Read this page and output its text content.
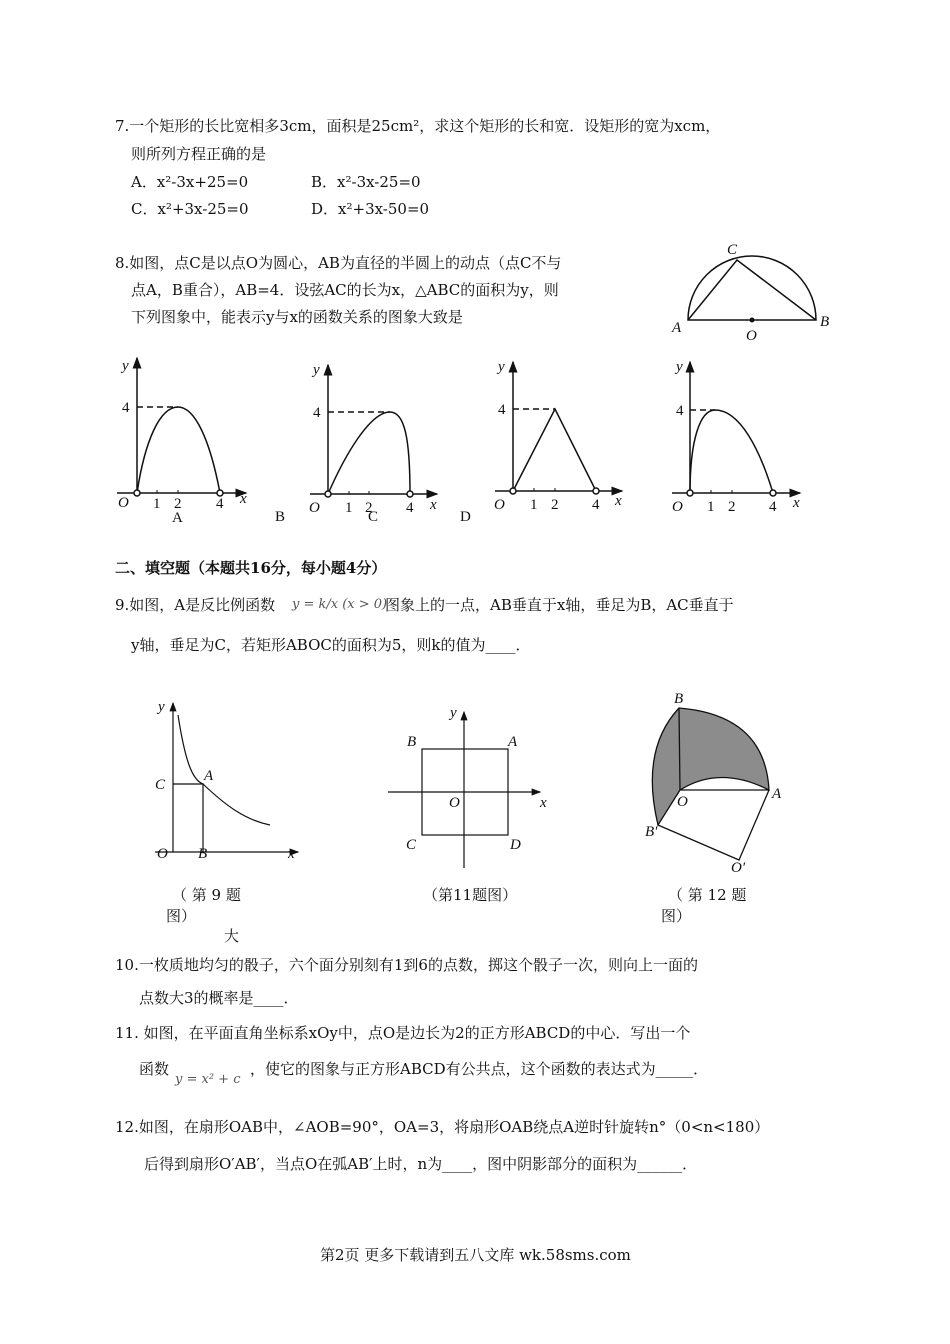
7.一个矩形的长比宽相多3cm，面积是25cm²，求这个矩形的长和宽．设矩形的宽为xcm，
则所列方程正确的是
A．x²-3x+25=0	B．x²-3x-25=0
C．x²+3x-25=0	D．x²+3x-50=0
8.如图，点C是以点O为圆心，AB为直径的半圆上的动点（点C不与
点A，B重合），AB=4．设弦AC的长为x，△ABC的面积为y，则
下列图象中，能表示y与x的函数关系的图象大致是
二、填空题（本题共16分，每小题4分）
9.如图，A是反比例函数 y = k/x (x > 0)
图象上的一点，AB垂直于x轴，垂足为B，AC垂直于
y轴，垂足为C，若矩形ABOC的面积为5，则k的值为____．
（ 第 9 题
图）
（第11题图）	（ 第 12 题
图）
大
10.一枚质地均匀的骰子，六个面分别刻有1到6的点数，掷这个骰子一次，则向上一面的
点数大3的概率是____．
11. 如图，在平面直角坐标系xOy中，点O是边长为2的正方形ABCD的中心．写出一个
函数
y = x² + c
，使它的图象与正方形ABCD有公共点，这个函数的表达式为_____．
12.如图，在扇形OAB中，∠AOB=90°，OA=3，将扇形OAB绕点A逆时针旋转n°（0<n<180）
后得到扇形O′AB′，当点O在弧AB′上时，n为____，图中阴影部分的面积为______．
第2页 更多下载请到五八文库 wk.58sms.com
C
A	O
B
y
4
O 1 2 4 x
A
y
4
O 1 2 4 x
B
y
4
O 1 2 4 x
C
y
4
O 1 2 4 x
D
y
C
A
O B	x
y
B	A
O	x
C	D
B
O	A
B′
O′
